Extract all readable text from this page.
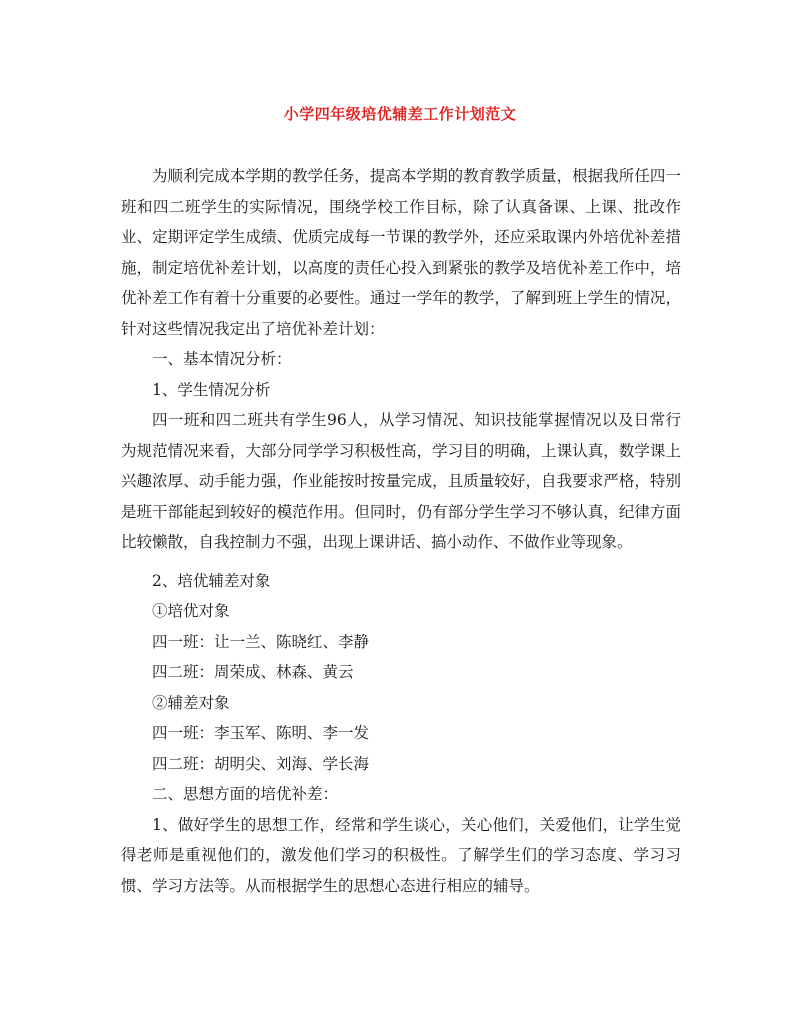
小学四年级培优辅差工作计划范文

为顺利完成本学期的教学任务，提高本学期的教育教学质量，根据我所任四一班和四二班学生的实际情况，围绕学校工作目标，除了认真备课、上课、批改作业、定期评定学生成绩、优质完成每一节课的教学外，还应采取课内外培优补差措施，制定培优补差计划，以高度的责任心投入到紧张的教学及培优补差工作中，培优补差工作有着十分重要的必要性。通过一学年的教学，了解到班上学生的情况，针对这些情况我定出了培优补差计划：

一、基本情况分析：

1、学生情况分析

四一班和四二班共有学生96人，从学习情况、知识技能掌握情况以及日常行为规范情况来看，大部分同学学习积极性高，学习目的明确，上课认真，数学课上兴趣浓厚、动手能力强，作业能按时按量完成，且质量较好，自我要求严格，特别是班干部能起到较好的模范作用。但同时，仍有部分学生学习不够认真，纪律方面比较懒散，自我控制力不强，出现上课讲话、搞小动作、不做作业等现象。

2、培优辅差对象

①培优对象

四一班：让一兰、陈晓红、李静

四二班：周荣成、林森、黄云

②辅差对象

四一班：李玉军、陈明、李一发

四二班：胡明尖、刘海、学长海

二、思想方面的培优补差：

1、做好学生的思想工作，经常和学生谈心，关心他们，关爱他们，让学生觉得老师是重视他们的，激发他们学习的积极性。了解学生们的学习态度、学习习惯、学习方法等。从而根据学生的思想心态进行相应的辅导。
